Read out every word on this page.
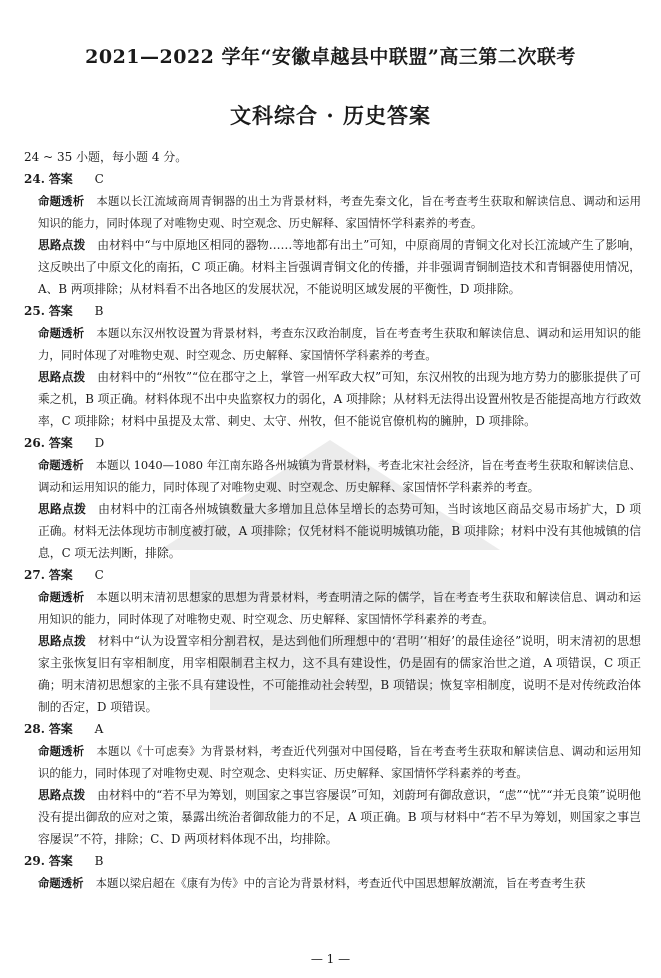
2021—2022 学年“安徽卓越县中联盟”高三第二次联考
文科综合 · 历史答案
24 ~ 35 小题，每小题 4 分。
24. 答案 C

命题透析 本题以长江流域商周青铜器的出土为背景材料，考查先秦文化，旨在考查考生获取和解读信息、调动和运用知识的能力，同时体现了对唯物史观、时空观念、历史解释、家国情怀学科素养的考查。

思路点拨 由材料中“与中原地区相同的器物……等地都有出土”可知，中原商周的青铜文化对长江流域产生了影响，这反映出了中原文化的南拓，C 项正确。材料主旨强调青铜文化的传播，并非强调青铜制造技术和青铜器使用情况，A、B 两项排除；从材料看不出各地区的发展状况，不能说明区域发展的平衡性，D 项排除。

25. 答案 B

命题透析 本题以东汉州牧设置为背景材料，考查东汉政治制度，旨在考查考生获取和解读信息、调动和运用知识的能力，同时体现了对唯物史观、时空观念、历史解释、家国情怀学科素养的考查。

思路点拨 由材料中的“州牧”“位在郡守之上，掌管一州军政大权”可知，东汉州牧的出现为地方势力的膨胀提供了可乘之机，B 项正确。材料体现不出中央监察权力的弱化，A 项排除；从材料无法得出设置州牧是否能提高地方行政效率，C 项排除；材料中虽提及太常、刺史、太守、州牧，但不能说官僚机构的臃肿，D 项排除。

26. 答案 D

命题透析 本题以 1040—1080 年江南东路各州城镇为背景材料，考查北宋社会经济，旨在考查考生获取和解读信息、调动和运用知识的能力，同时体现了对唯物史观、时空观念、历史解释、家国情怀学科素养的考查。

思路点拨 由材料中的江南各州城镇数量大多增加且总体呈增长的态势可知，当时该地区商品交易市场扩大，D 项正确。材料无法体现坊市制度被打破，A 项排除；仅凭材料不能说明城镇功能，B 项排除；材料中没有其他城镇的信息，C 项无法判断，排除。

27. 答案 C

命题透析 本题以明末清初思想家的思想为背景材料，考查明清之际的儒学，旨在考查考生获取和解读信息、调动和运用知识的能力，同时体现了对唯物史观、时空观念、历史解释、家国情怀学科素养的考查。

思路点拨 材料中“认为设置宰相分割君权，是达到他们所理想中的‘君明’‘相好’的最佳途径”说明，明末清初的思想家主张恢复旧有宰相制度，用宰相限制君主权力，这不具有建设性，仍是固有的儒家治世之道，A 项错误，C 项正确；明末清初思想家的主张不具有建设性，不可能推动社会转型，B 项错误；恢复宰相制度，说明不是对传统政治体制的否定，D 项错误。

28. 答案 A

命题透析 本题以《十可虑奏》为背景材料，考查近代列强对中国侵略，旨在考查考生获取和解读信息、调动和运用知识的能力，同时体现了对唯物史观、时空观念、史料实证、历史解释、家国情怀学科素养的考查。

思路点拨 由材料中的“若不早为筹划，则国家之事岂容屡误”可知，刘蔚珂有御敌意识，“虑”“忧”“并无良策”说明他没有提出御敌的应对之策，暴露出统治者御敌能力的不足，A 项正确。B 项与材料中“若不早为筹划，则国家之事岂容屡误”不符，排除；C、D 两项材料体现不出，均排除。

29. 答案 B

命题透析 本题以梁启超在《康有为传》中的言论为背景材料，考查近代中国思想解放潮流，旨在考查考生获

— 1 —
